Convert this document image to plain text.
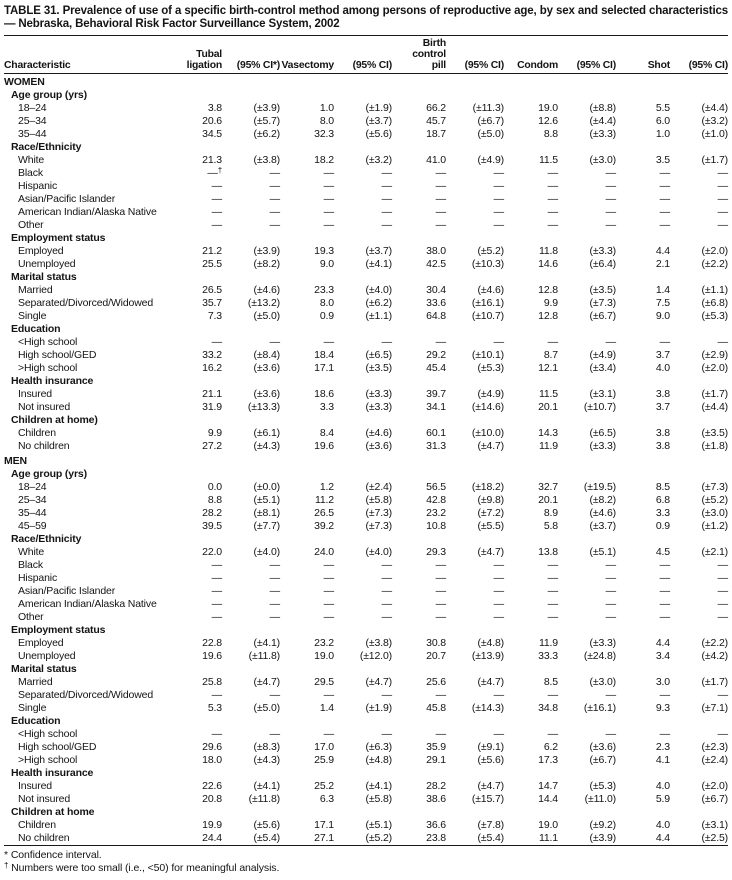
TABLE 31. Prevalence of use of a specific birth-control method among persons of reproductive age, by sex and selected characteristics — Nebraska, Behavioral Risk Factor Surveillance System, 2002

Characteristic

Tubal
ligation	(95% CI*)	Vasectomy	(95% CI)

Birth
control
pill	(95% CI)	Condom	(95% CI)	Shot	(95% CI)

WOMEN										
Age group (yrs)										
18–24	3.8	(±3.9)	1.0	(±1.9)	66.2	(±11.3)	19.0	(±8.8)	5.5	(±4.4)
25–34	20.6	(±5.7)	8.0	(±3.7)	45.7	(±6.7)	12.6	(±4.4)	6.0	(±3.2)
35–44	34.5	(±6.2)	32.3	(±5.6)	18.7	(±5.0)	8.8	(±3.3)	1.0	(±1.0)
Race/Ethnicity										
White	21.3	(±3.8)	18.2	(±3.2)	41.0	(±4.9)	11.5	(±3.0)	3.5	(±1.7)
Black	—†	—	—	—	—	—	—	—	—	—
Hispanic	—	—	—	—	—	—	—	—	—	—
Asian/Pacific Islander	—	—	—	—	—	—	—	—	—	—
American Indian/Alaska Native	—	—	—	—	—	—	—	—	—	—
Other	—	—	—	—	—	—	—	—	—	—
Employment status										
Employed	21.2	(±3.9)	19.3	(±3.7)	38.0	(±5.2)	11.8	(±3.3)	4.4	(±2.0)
Unemployed	25.5	(±8.2)	9.0	(±4.1)	42.5	(±10.3)	14.6	(±6.4)	2.1	(±2.2)
Marital status										
Married	26.5	(±4.6)	23.3	(±4.0)	30.4	(±4.6)	12.8	(±3.5)	1.4	(±1.1)
Separated/Divorced/Widowed	35.7	(±13.2)	8.0	(±6.2)	33.6	(±16.1)	9.9	(±7.3)	7.5	(±6.8)
Single	7.3	(±5.0)	0.9	(±1.1)	64.8	(±10.7)	12.8	(±6.7)	9.0	(±5.3)
Education										
<High school	—	—	—	—	—	—	—	—	—	—
High school/GED	33.2	(±8.4)	18.4	(±6.5)	29.2	(±10.1)	8.7	(±4.9)	3.7	(±2.9)
>High school	16.2	(±3.6)	17.1	(±3.5)	45.4	(±5.3)	12.1	(±3.4)	4.0	(±2.0)
Health insurance										
Insured	21.1	(±3.6)	18.6	(±3.3)	39.7	(±4.9)	11.5	(±3.1)	3.8	(±1.7)
Not insured	31.9	(±13.3)	3.3	(±3.3)	34.1	(±14.6)	20.1	(±10.7)	3.7	(±4.4)
Children at home)										
Children	9.9	(±6.1)	8.4	(±4.6)	60.1	(±10.0)	14.3	(±6.5)	3.8	(±3.5)
No children	27.2	(±4.3)	19.6	(±3.6)	31.3	(±4.7)	11.9	(±3.3)	3.8	(±1.8)
MEN										
Age group (yrs)										
18–24	0.0	(±0.0)	1.2	(±2.4)	56.5	(±18.2)	32.7	(±19.5)	8.5	(±7.3)
25–34	8.8	(±5.1)	11.2	(±5.8)	42.8	(±9.8)	20.1	(±8.2)	6.8	(±5.2)
35–44	28.2	(±8.1)	26.5	(±7.3)	23.2	(±7.2)	8.9	(±4.6)	3.3	(±3.0)
45–59	39.5	(±7.7)	39.2	(±7.3)	10.8	(±5.5)	5.8	(±3.7)	0.9	(±1.2)
Race/Ethnicity										
White	22.0	(±4.0)	24.0	(±4.0)	29.3	(±4.7)	13.8	(±5.1)	4.5	(±2.1)
Black	—	—	—	—	—	—	—	—	—	—
Hispanic	—	—	—	—	—	—	—	—	—	—
Asian/Pacific Islander	—	—	—	—	—	—	—	—	—	—
American Indian/Alaska Native	—	—	—	—	—	—	—	—	—	—
Other	—	—	—	—	—	—	—	—	—	—
Employment status										
Employed	22.8	(±4.1)	23.2	(±3.8)	30.8	(±4.8)	11.9	(±3.3)	4.4	(±2.2)
Unemployed	19.6	(±11.8)	19.0	(±12.0)	20.7	(±13.9)	33.3	(±24.8)	3.4	(±4.2)
Marital status										
Married	25.8	(±4.7)	29.5	(±4.7)	25.6	(±4.7)	8.5	(±3.0)	3.0	(±1.7)
Separated/Divorced/Widowed	—	—	—	—	—	—	—	—	—	—
Single	5.3	(±5.0)	1.4	(±1.9)	45.8	(±14.3)	34.8	(±16.1)	9.3	(±7.1)
Education										
<High school	—	—	—	—	—	—	—	—	—	—
High school/GED	29.6	(±8.3)	17.0	(±6.3)	35.9	(±9.1)	6.2	(±3.6)	2.3	(±2.3)
>High school	18.0	(±4.3)	25.9	(±4.8)	29.1	(±5.6)	17.3	(±6.7)	4.1	(±2.4)
Health insurance										
Insured	22.6	(±4.1)	25.2	(±4.1)	28.2	(±4.7)	14.7	(±5.3)	4.0	(±2.0)
Not insured	20.8	(±11.8)	6.3	(±5.8)	38.6	(±15.7)	14.4	(±11.0)	5.9	(±6.7)
Children at home										
Children	19.9	(±5.6)	17.1	(±5.1)	36.6	(±7.8)	19.0	(±9.2)	4.0	(±3.1)
No children	24.4	(±5.4)	27.1	(±5.2)	23.8	(±5.4)	11.1	(±3.9)	4.4	(±2.5)
* Confidence interval.
† Numbers were too small (i.e., <50) for meaningful analysis.
